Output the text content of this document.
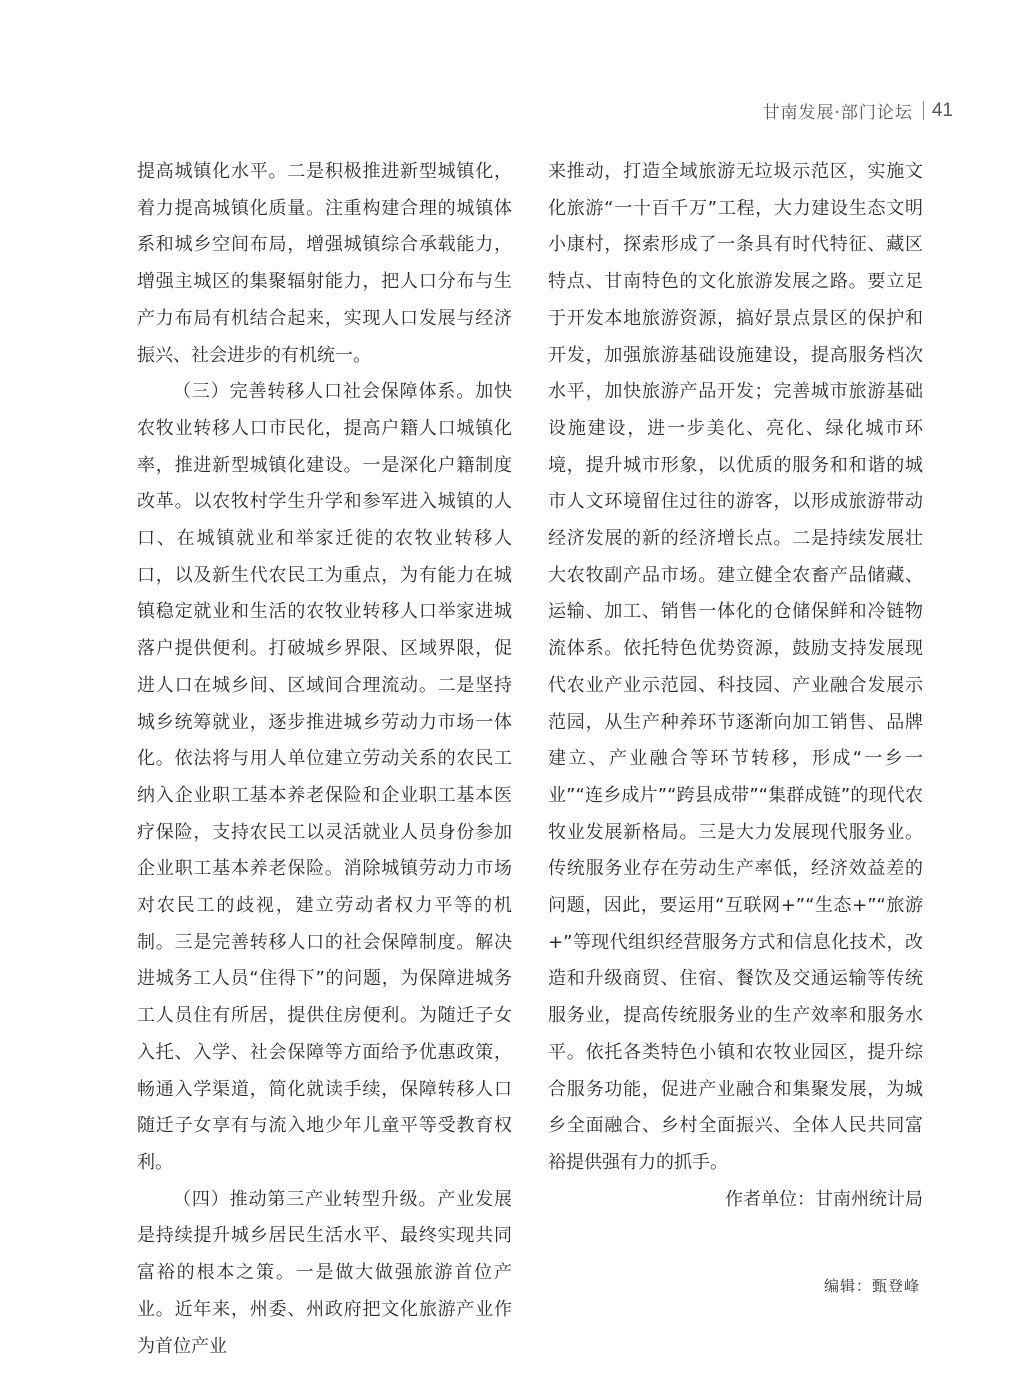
甘南发展·部门论坛 41

提高城镇化水平。二是积极推进新型城镇化，着力提高城镇化质量。注重构建合理的城镇体系和城乡空间布局，增强城镇综合承载能力，增强主城区的集聚辐射能力，把人口分布与生产力布局有机结合起来，实现人口发展与经济振兴、社会进步的有机统一。

（三）完善转移人口社会保障体系。加快农牧业转移人口市民化，提高户籍人口城镇化率，推进新型城镇化建设。一是深化户籍制度改革。以农牧村学生升学和参军进入城镇的人口、在城镇就业和举家迁徙的农牧业转移人口，以及新生代农民工为重点，为有能力在城镇稳定就业和生活的农牧业转移人口举家进城落户提供便利。打破城乡界限、区域界限，促进人口在城乡间、区域间合理流动。二是坚持城乡统筹就业，逐步推进城乡劳动力市场一体化。依法将与用人单位建立劳动关系的农民工纳入企业职工基本养老保险和企业职工基本医疗保险，支持农民工以灵活就业人员身份参加企业职工基本养老保险。消除城镇劳动力市场对农民工的歧视，建立劳动者权力平等的机制。三是完善转移人口的社会保障制度。解决进城务工人员“住得下”的问题，为保障进城务工人员住有所居，提供住房便利。为随迁子女入托、入学、社会保障等方面给予优惠政策，畅通入学渠道，简化就读手续，保障转移人口随迁子女享有与流入地少年儿童平等受教育权利。

（四）推动第三产业转型升级。产业发展是持续提升城乡居民生活水平、最终实现共同富裕的根本之策。一是做大做强旅游首位产业。近年来，州委、州政府把文化旅游产业作为首位产业

来推动，打造全域旅游无垃圾示范区，实施文化旅游“一十百千万”工程，大力建设生态文明小康村，探索形成了一条具有时代特征、藏区特点、甘南特色的文化旅游发展之路。要立足于开发本地旅游资源，搞好景点景区的保护和开发，加强旅游基础设施建设，提高服务档次水平，加快旅游产品开发；完善城市旅游基础设施建设，进一步美化、亮化、绿化城市环境，提升城市形象，以优质的服务和和谐的城市人文环境留住过往的游客，以形成旅游带动经济发展的新的经济增长点。二是持续发展壮大农牧副产品市场。建立健全农畜产品储藏、运输、加工、销售一体化的仓储保鲜和冷链物流体系。依托特色优势资源，鼓励支持发展现代农业产业示范园、科技园、产业融合发展示范园，从生产种养环节逐渐向加工销售、品牌建立、产业融合等环节转移，形成“一乡一业”“连乡成片”“跨县成带”“集群成链”的现代农牧业发展新格局。三是大力发展现代服务业。传统服务业存在劳动生产率低，经济效益差的问题，因此，要运用“互联网+”“生态+”“旅游+”等现代组织经营服务方式和信息化技术，改造和升级商贸、住宿、餐饮及交通运输等传统服务业，提高传统服务业的生产效率和服务水平。依托各类特色小镇和农牧业园区，提升综合服务功能，促进产业融合和集聚发展，为城乡全面融合、乡村全面振兴、全体人民共同富裕提供强有力的抓手。

作者单位：甘南州统计局

编辑：甄登峰
